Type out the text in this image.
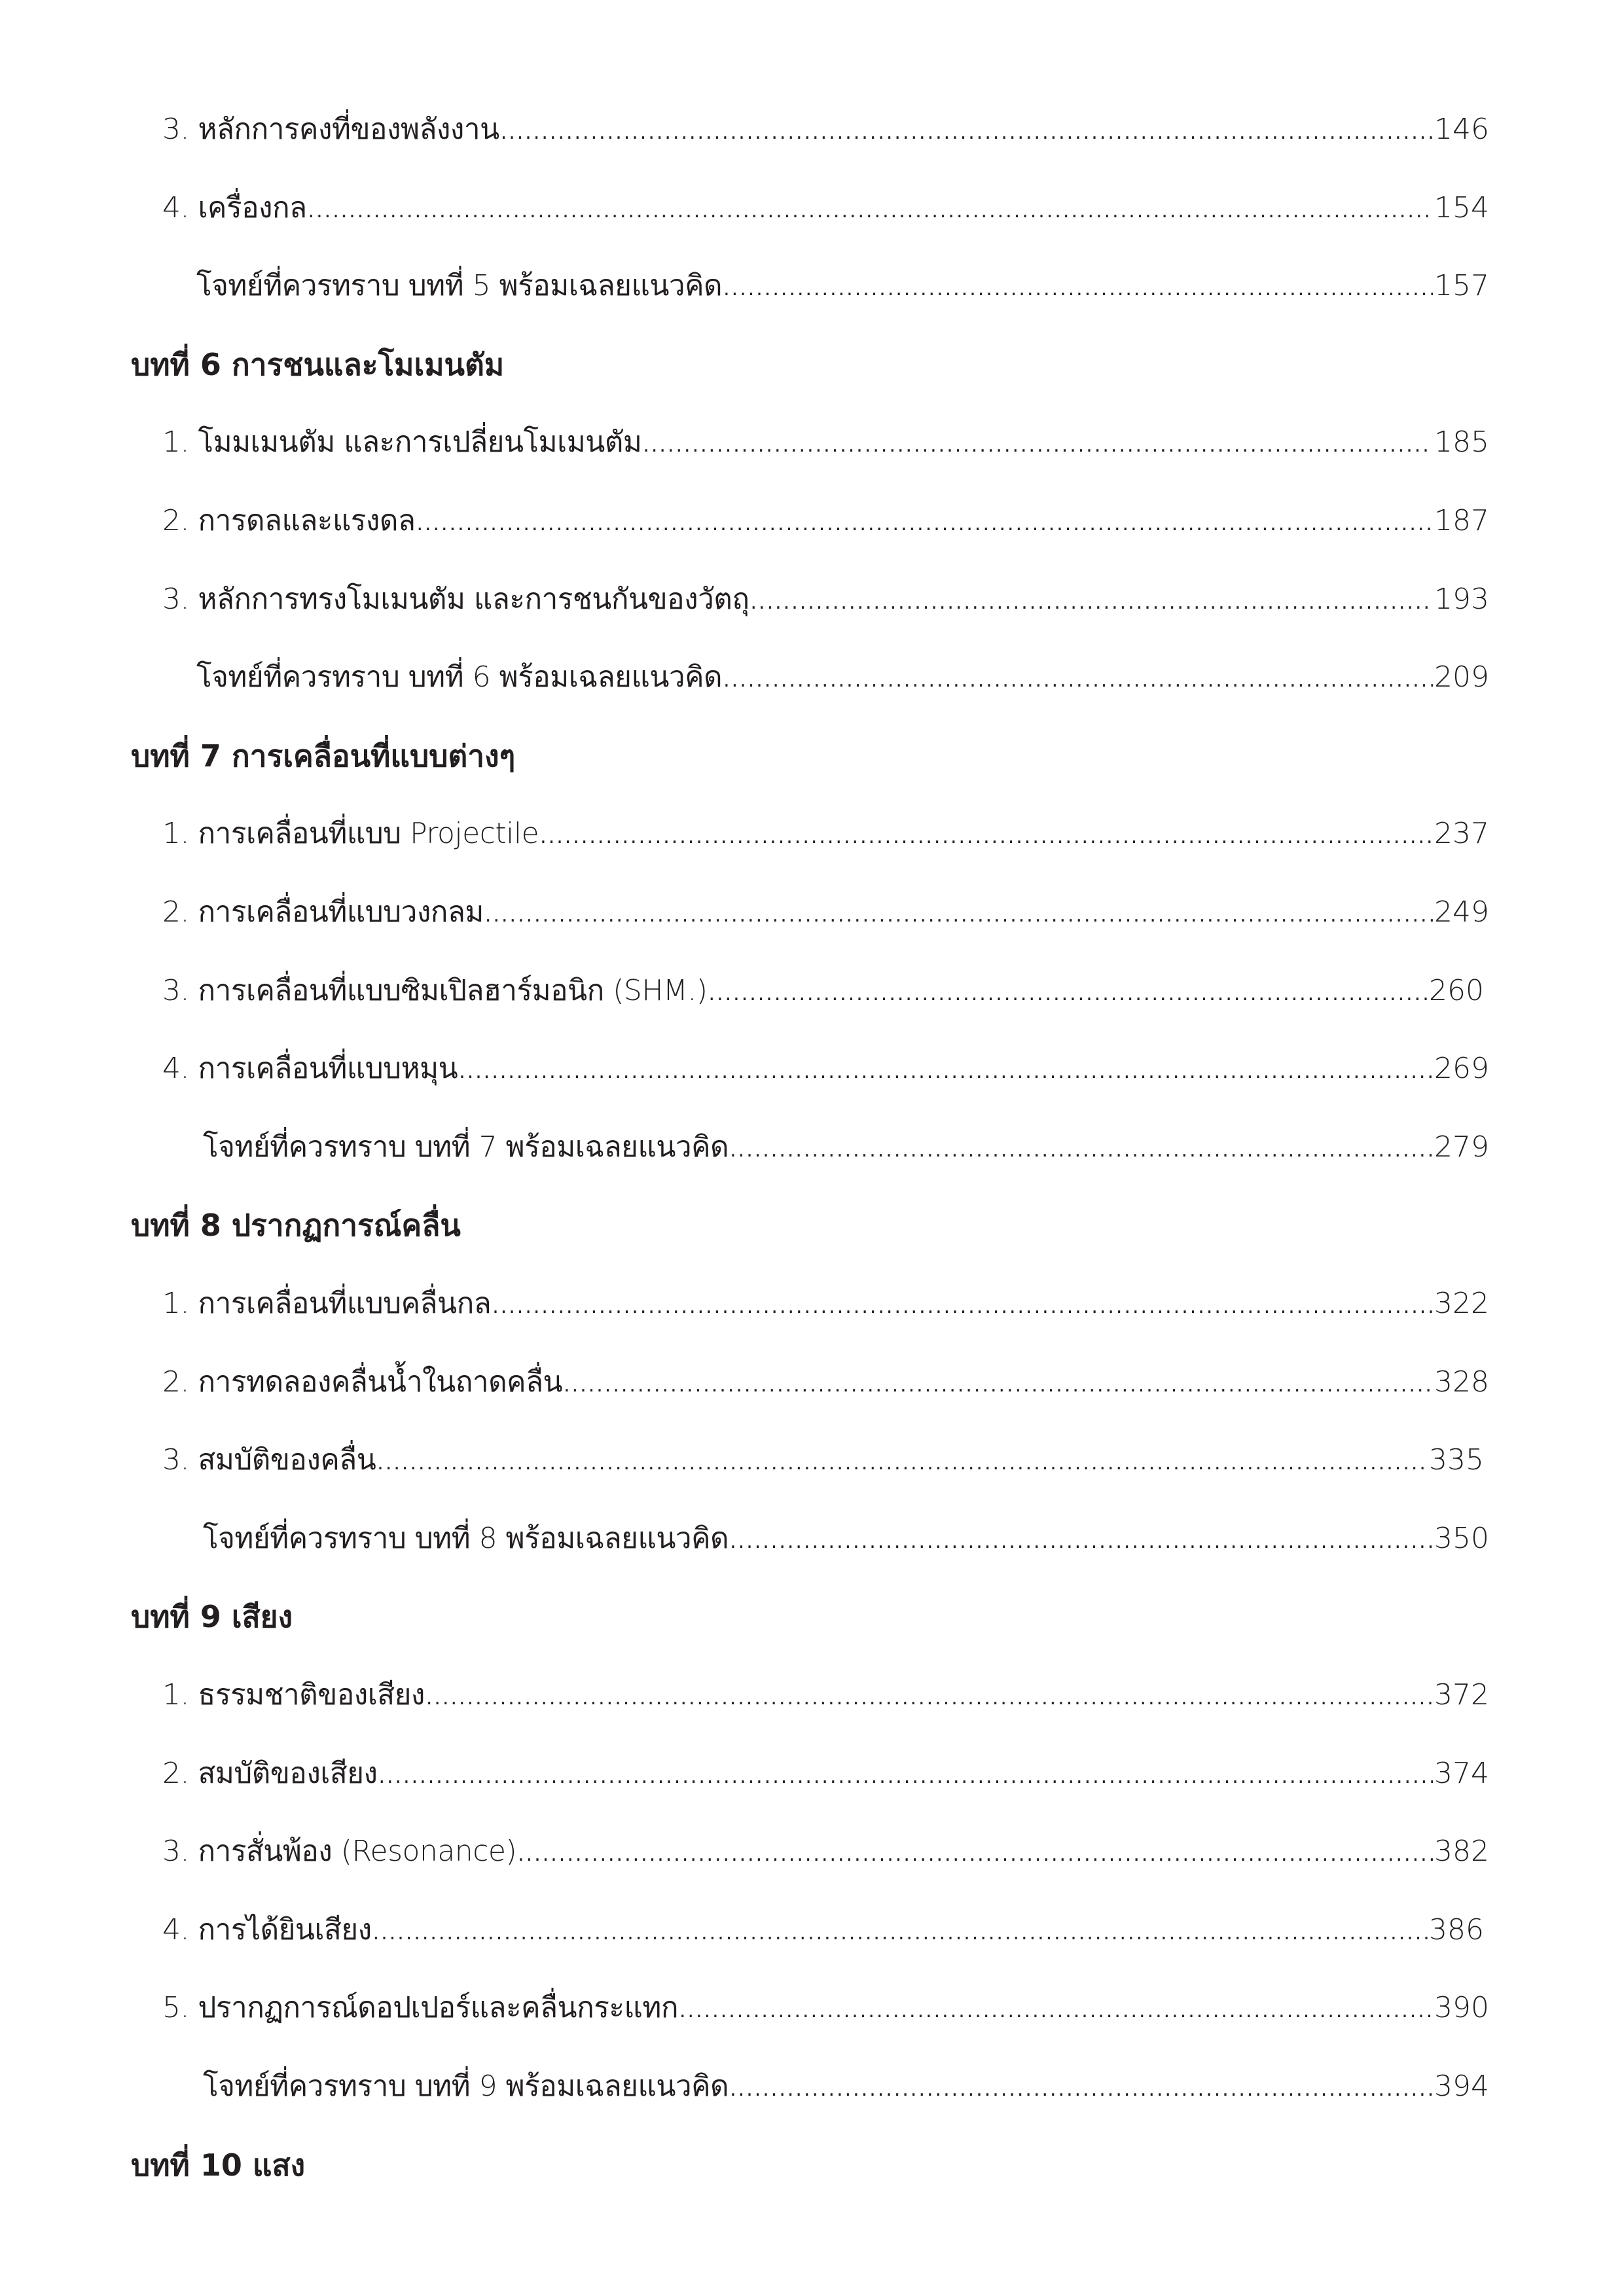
3. หลักการคงที่ของพลังงาน .....	146
4. เครื่องกล .....	154
โจทย์ที่ควรทราบ บทที่ 5 พร้อมเฉลยแนวคิด .....	157
บทที่ 6 การชนและโมเมนตัม
1. โมมเมนตัม และการเปลี่ยนโมเมนตัม .....	185
2. การดลและแรงดล .....	187
3. หลักการทรงโมเมนตัม และการชนกันของวัตถุ .....	193
โจทย์ที่ควรทราบ บทที่ 6 พร้อมเฉลยแนวคิด .....	209
บทที่ 7 การเคลื่อนที่แบบต่างๆ
1. การเคลื่อนที่แบบ Projectile .....	237
2. การเคลื่อนที่แบบวงกลม .....	249
3. การเคลื่อนที่แบบซิมเปิลฮาร์มอนิก (SHM.) .....	260
4. การเคลื่อนที่แบบหมุน .....	269
โจทย์ที่ควรทราบ บทที่ 7 พร้อมเฉลยแนวคิด .....	279
บทที่ 8 ปรากฏการณ์คลื่น
1. การเคลื่อนที่แบบคลื่นกล .....	322
2. การทดลองคลื่นน้ำในถาดคลื่น .....	328
3. สมบัติของคลื่น .....	335
โจทย์ที่ควรทราบ บทที่ 8 พร้อมเฉลยแนวคิด .....	350
บทที่ 9 เสียง
1. ธรรมชาติของเสียง .....	372
2. สมบัติของเสียง .....	374
3. การสั่นพ้อง (Resonance) .....	382
4. การได้ยินเสียง .....	386
5. ปรากฏการณ์ดอปเปอร์และคลื่นกระแทก .....	390
โจทย์ที่ควรทราบ บทที่ 9 พร้อมเฉลยแนวคิด .....	394
บทที่ 10 แสง
